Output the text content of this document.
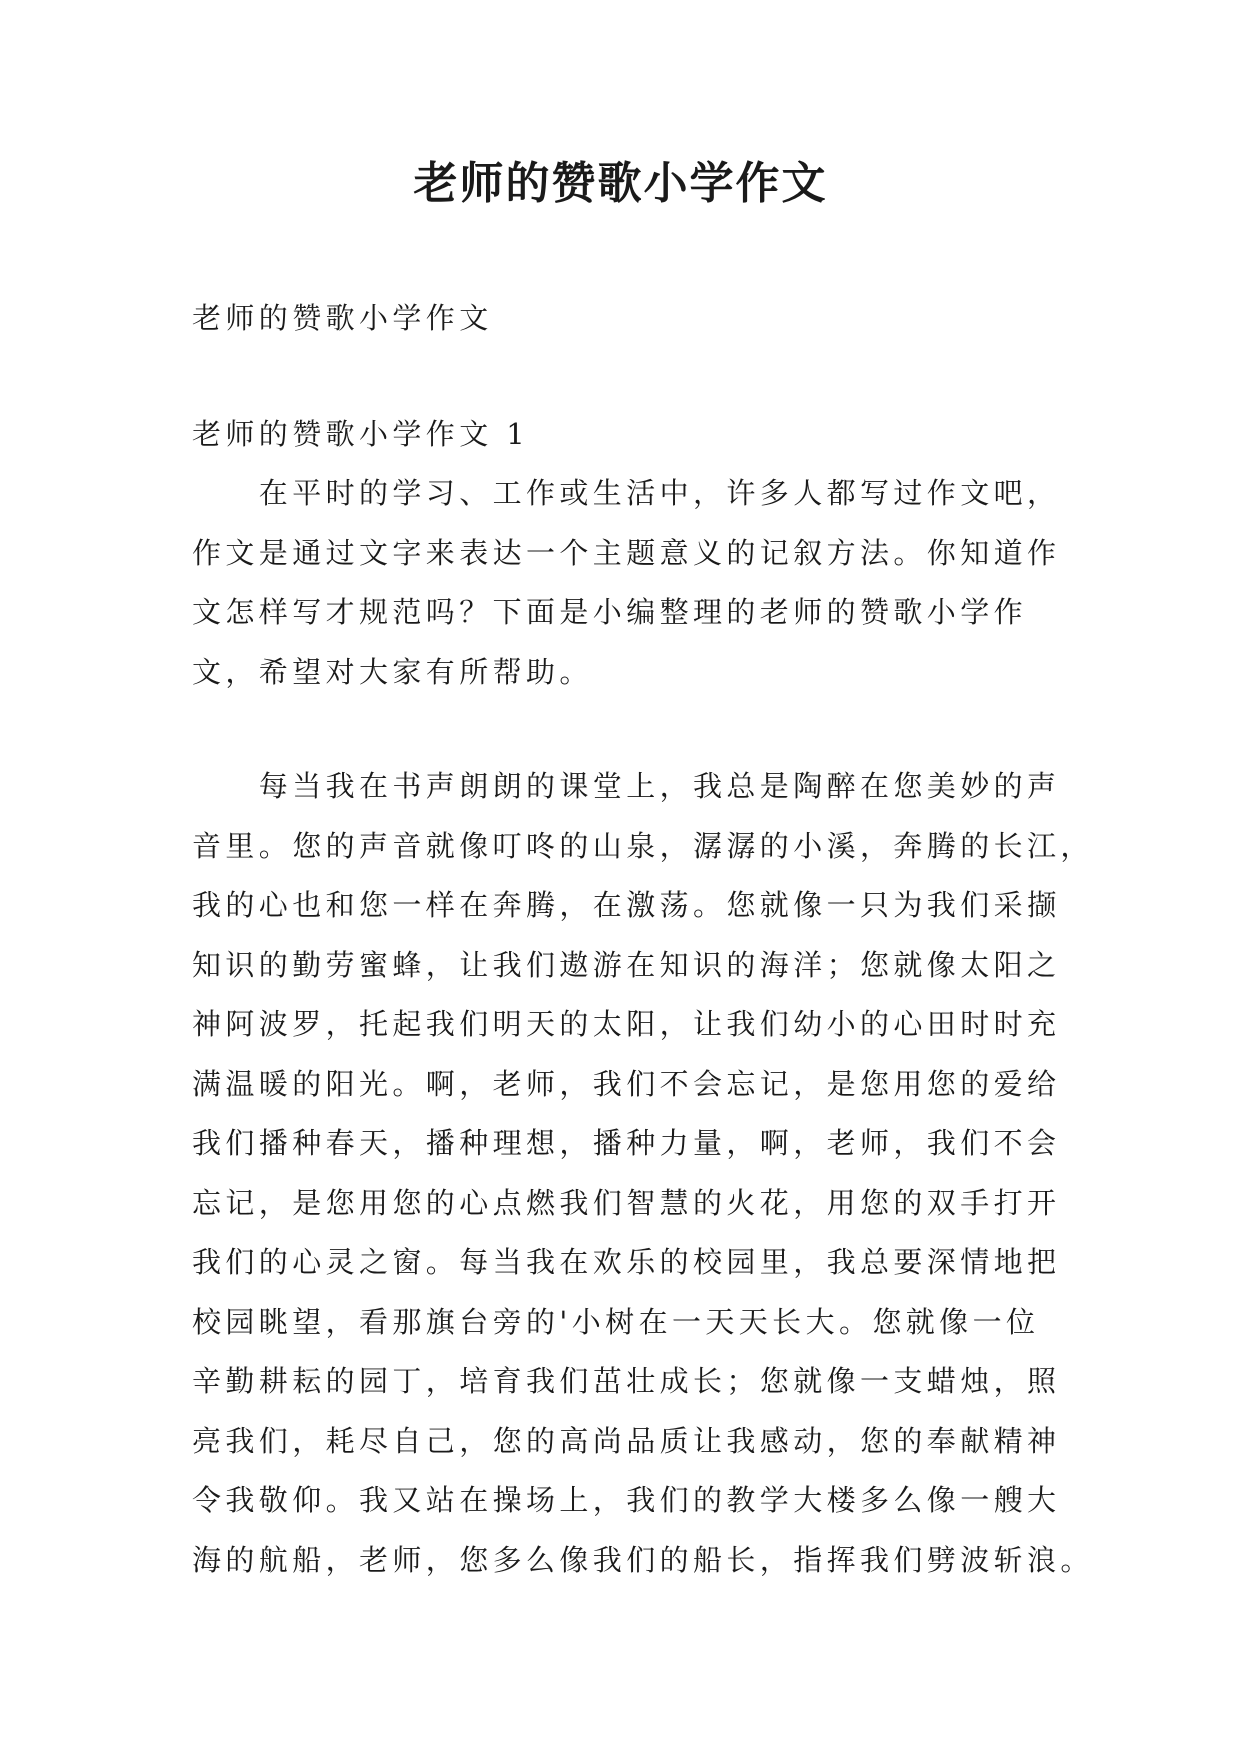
老师的赞歌小学作文
老师的赞歌小学作文
老师的赞歌小学作文 1
在平时的学习、工作或生活中，许多人都写过作文吧，
作文是通过文字来表达一个主题意义的记叙方法。你知道作
文怎样写才规范吗？下面是小编整理的老师的赞歌小学作
文，希望对大家有所帮助。
每当我在书声朗朗的课堂上，我总是陶醉在您美妙的声
音里。您的声音就像叮咚的山泉，潺潺的小溪，奔腾的长江，
我的心也和您一样在奔腾，在激荡。您就像一只为我们采撷
知识的勤劳蜜蜂，让我们遨游在知识的海洋；您就像太阳之
神阿波罗，托起我们明天的太阳，让我们幼小的心田时时充
满温暖的阳光。啊，老师，我们不会忘记，是您用您的爱给
我们播种春天，播种理想，播种力量，啊，老师，我们不会
忘记，是您用您的心点燃我们智慧的火花，用您的双手打开
我们的心灵之窗。每当我在欢乐的校园里，我总要深情地把
校园眺望，看那旗台旁的'小树在一天天长大。您就像一位
辛勤耕耘的园丁，培育我们茁壮成长；您就像一支蜡烛，照
亮我们，耗尽自己，您的高尚品质让我感动，您的奉献精神
令我敬仰。我又站在操场上，我们的教学大楼多么像一艘大
海的航船，老师，您多么像我们的船长，指挥我们劈波斩浪。
